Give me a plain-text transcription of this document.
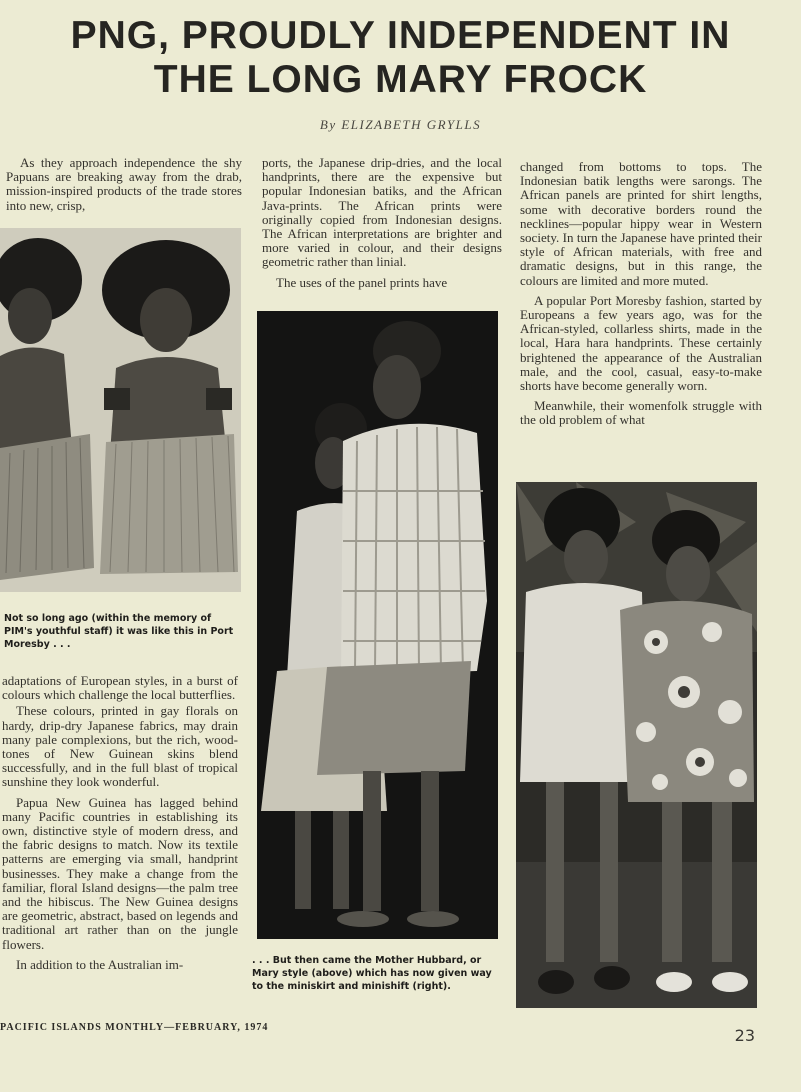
PNG, PROUDLY INDEPENDENT IN
THE LONG MARY FROCK
By ELIZABETH GRYLLS

As they approach independence the shy Papuans are breaking away from the drab, mission-inspired products of the trade stores into new, crisp,

Not so long ago (within the memory of PIM's youthful staff) it was like this in Port Moresby . . .

adaptations of European styles, in a burst of colours which challenge the local butterflies.

These colours, printed in gay florals on hardy, drip-dry Japanese fabrics, may drain many pale complexions, but the rich, wood-tones of New Guinean skins blend successfully, and in the full blast of tropical sunshine they look wonderful.

Papua New Guinea has lagged behind many Pacific countries in establishing its own, distinctive style of modern dress, and the fabric designs to match. Now its textile patterns are emerging via small, handprint businesses. They make a change from the familiar, floral Island designs—the palm tree and the hibiscus. The New Guinea designs are geometric, abstract, based on legends and traditional art rather than on the jungle flowers.

In addition to the Australian im-

ports, the Japanese drip-dries, and the local handprints, there are the expensive but popular Indonesian batiks, and the African Java-prints. The African prints were originally copied from Indonesian designs. The African interpretations are brighter and more varied in colour, and their designs geometric rather than linial.

The uses of the panel prints have

. . . But then came the Mother Hubbard, or Mary style (above) which has now given way to the miniskirt and minishift (right).

changed from bottoms to tops. The Indonesian batik lengths were sarongs. The African panels are printed for shirt lengths, some with decorative borders round the necklines—popular hippy wear in Western society. In turn the Japanese have printed their style of African materials, with free and dramatic designs, but in this range, the colours are limited and more muted.

A popular Port Moresby fashion, started by Europeans a few years ago, was for the African-styled, collarless shirts, made in the local, Hara hara handprints. These certainly brightened the appearance of the Australian male, and the cool, casual, easy-to-make shorts have become generally worn.

Meanwhile, their womenfolk struggle with the old problem of what

PACIFIC ISLANDS MONTHLY—FEBRUARY, 1974	23
